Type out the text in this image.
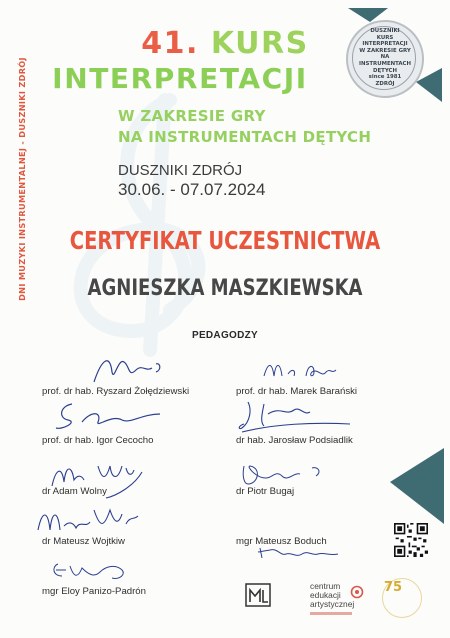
DNI MUZYKI INSTRUMENTALNEJ - DUSZNIKI ZDRÓJ
41. KURS
INTERPRETACJI
W ZAKRESIE GRY
NA INSTRUMENTACH DĘTYCH
DUSZNIKI ZDRÓJ
30.06. - 07.07.2024
DUSZNIKI
KURS
INTERPRETACJI
W ZAKRESIE GRY
NA
INSTRUMENTACH
DĘTYCH
since 1981
ZDRÓJ
CERTYFIKAT UCZESTNICTWA
AGNIESZKA MASZKIEWSKA
PEDAGODZY
prof. dr hab. Ryszard Żołędziewski	prof. dr hab. Marek Barański
prof. dr hab. Igor Cecocho	dr hab. Jarosław Podsiadlik
dr Adam Wolny	dr Piotr Bugaj
dr Mateusz Wojtkiw	mgr Mateusz Boduch
mgr Eloy Panizo-Padrón	centrum
edukacji
artystycznej
75
